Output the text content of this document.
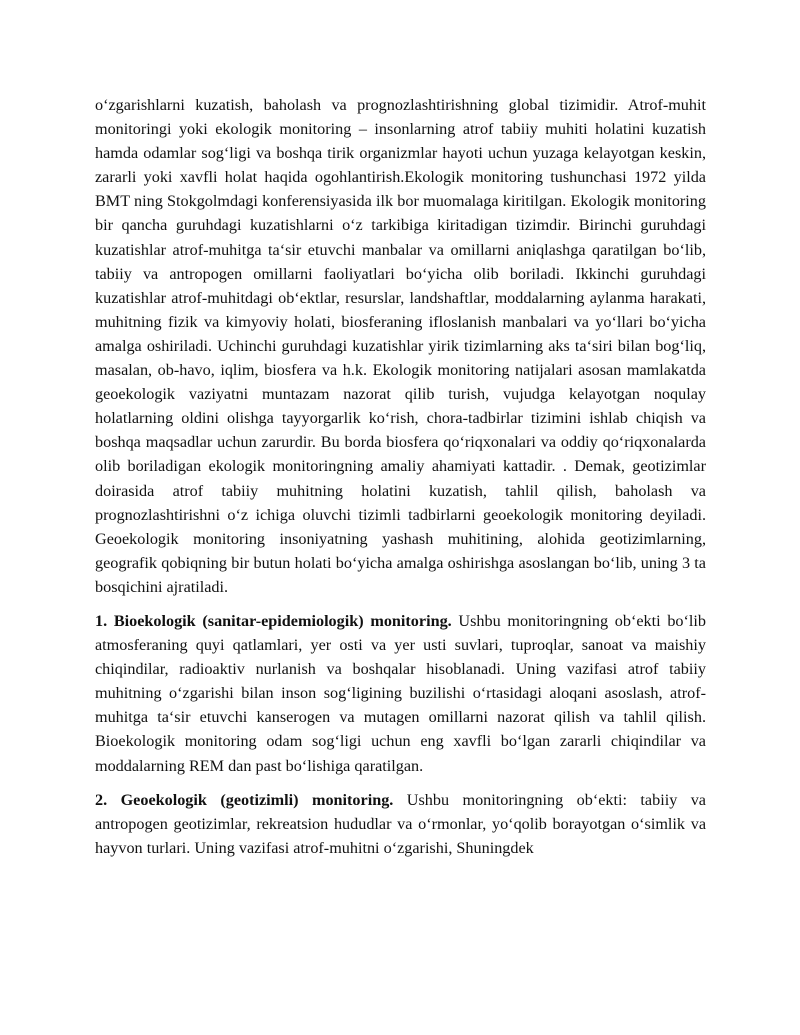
o‘zgarishlarni kuzatish, baholash va prognozlashtirishning global tizimidir. Atrof-muhit monitoringi yoki ekologik monitoring – insonlarning atrof tabiiy muhiti holatini kuzatish hamda odamlar sog‘ligi va boshqa tirik organizmlar hayoti uchun yuzaga kelayotgan keskin, zararli yoki xavfli holat haqida ogohlantirish.Ekologik monitoring tushunchasi 1972 yilda BMT ning Stokgolmdagi konferensiyasida ilk bor muomalaga kiritilgan. Ekologik monitoring bir qancha guruhdagi kuzatishlarni o‘z tarkibiga kiritadigan tizimdir. Birinchi guruhdagi kuzatishlar atrof-muhitga ta‘sir etuvchi manbalar va omillarni aniqlashga qaratilgan bo‘lib, tabiiy va antropogen omillarni faoliyatlari bo‘yicha olib boriladi. Ikkinchi guruhdagi kuzatishlar atrof-muhitdagi ob‘ektlar, resurslar, landshaftlar, moddalarning aylanma harakati, muhitning fizik va kimyoviy holati, biosferaning ifloslanish manbalari va yo‘llari bo‘yicha amalga oshiriladi. Uchinchi guruhdagi kuzatishlar yirik tizimlarning aks ta‘siri bilan bog‘liq, masalan, ob-havo, iqlim, biosfera va h.k. Ekologik monitoring natijalari asosan mamlakatda geoekologik vaziyatni muntazam nazorat qilib turish, vujudga kelayotgan noqulay holatlarning oldini olishga tayyorgarlik ko‘rish, chora-tadbirlar tizimini ishlab chiqish va boshqa maqsadlar uchun zarurdir. Bu borda biosfera qo‘riqxonalari va oddiy qo‘riqxonalarda olib boriladigan ekologik monitoringning amaliy ahamiyati kattadir. . Demak, geotizimlar doirasida atrof tabiiy muhitning holatini kuzatish, tahlil qilish, baholash va prognozlashtirishni o‘z ichiga oluvchi tizimli tadbirlarni geoekologik monitoring deyiladi. Geoekologik monitoring insoniyatning yashash muhitining, alohida geotizimlarning, geografik qobiqning bir butun holati bo‘yicha amalga oshirishga asoslangan bo‘lib, uning 3 ta bosqichini ajratiladi.

1. Bioekologik (sanitar-epidemiologik) monitoring. Ushbu monitoringning ob‘ekti bo‘lib atmosferaning quyi qatlamlari, yer osti va yer usti suvlari, tuproqlar, sanoat va maishiy chiqindilar, radioaktiv nurlanish va boshqalar hisoblanadi. Uning vazifasi atrof tabiiy muhitning o‘zgarishi bilan inson sog‘ligining buzilishi o‘rtasidagi aloqani asoslash, atrof-muhitga ta‘sir etuvchi kanserogen va mutagen omillarni nazorat qilish va tahlil qilish. Bioekologik monitoring odam sog‘ligi uchun eng xavfli bo‘lgan zararli chiqindilar va moddalarning REM dan past bo‘lishiga qaratilgan.

2. Geoekologik (geotizimli) monitoring. Ushbu monitoringning ob‘ekti: tabiiy va antropogen geotizimlar, rekreatsion hududlar va o‘rmonlar, yo‘qolib borayotgan o‘simlik va hayvon turlari. Uning vazifasi atrof-muhitni o‘zgarishi, Shuningdek
